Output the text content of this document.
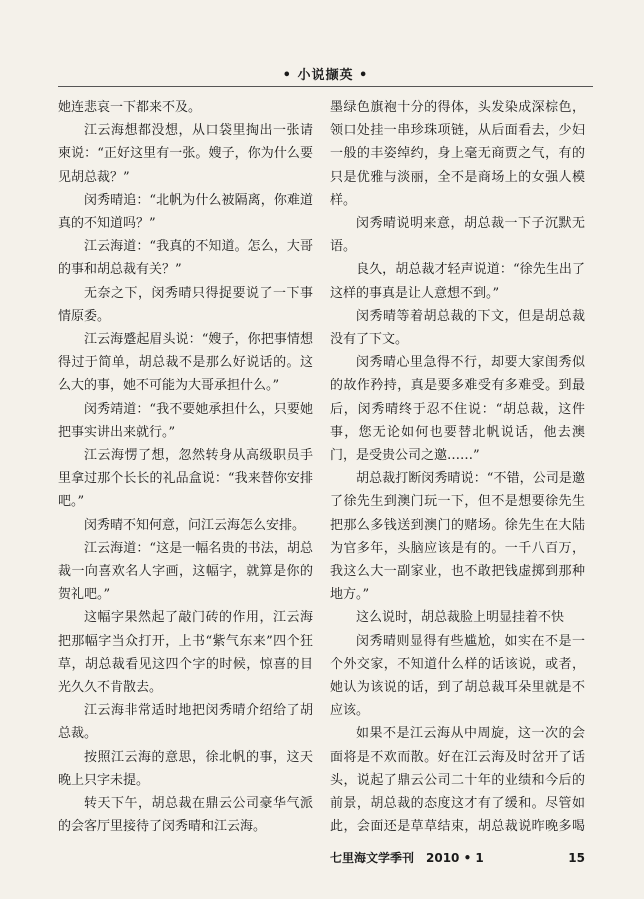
• 小说撷英 •

她连悲哀一下都来不及。

江云海想都没想，从口袋里掏出一张请柬说：“正好这里有一张。嫂子，你为什么要见胡总裁？”

闵秀晴追：“北帆为什么被隔离，你难道真的不知道吗？”

江云海道：“我真的不知道。怎么，大哥的事和胡总裁有关？”

无奈之下，闵秀晴只得捉要说了一下事情原委。

江云海蹙起眉头说：“嫂子，你把事情想得过于简单，胡总裁不是那么好说话的。这么大的事，她不可能为大哥承担什么。”

闵秀靖道：“我不要她承担什么，只要她把事实讲出来就行。”

江云海愣了想，忽然转身从高级职员手里拿过那个长长的礼品盒说：“我来替你安排吧。”

闵秀晴不知何意，问江云海怎么安排。

江云海道：“这是一幅名贵的书法，胡总裁一向喜欢名人字画，这幅字，就算是你的贺礼吧。”

这幅字果然起了敲门砖的作用，江云海把那幅字当众打开，上书“紫气东来”四个狂草，胡总裁看见这四个字的时候，惊喜的目光久久不肯散去。

江云海非常适时地把闵秀晴介绍给了胡总裁。

按照江云海的意思，徐北帆的事，这天晚上只字未提。

转天下午，胡总裁在鼎云公司豪华气派的会客厅里接待了闵秀晴和江云海。

墨绿色旗袍十分的得体，头发染成深棕色，领口处挂一串珍珠项链，从后面看去，少妇一般的丰姿绰约，身上毫无商贾之气，有的只是优雅与淡丽，全不是商场上的女强人模样。

闵秀晴说明来意，胡总裁一下子沉默无语。

良久，胡总裁才轻声说道：“徐先生出了这样的事真是让人意想不到。”

闵秀晴等着胡总裁的下文，但是胡总裁没有了下文。

闵秀晴心里急得不行，却要大家闺秀似的故作矜持，真是要多难受有多难受。到最后，闵秀晴终于忍不住说：“胡总裁，这件事，您无论如何也要替北帆说话，他去澳门，是受贵公司之邀……”

胡总裁打断闵秀晴说：“不错，公司是邀了徐先生到澳门玩一下，但不是想要徐先生把那么多钱送到澳门的赌场。徐先生在大陆为官多年，头脑应该是有的。一千八百万，我这么大一副家业，也不敢把钱虚掷到那种地方。”

这么说时，胡总裁脸上明显挂着不快

闵秀晴则显得有些尴尬，如实在不是一个外交家，不知道什么样的话该说，或者，她认为该说的话，到了胡总裁耳朵里就是不应该。

如果不是江云海从中周旋，这一次的会面将是不欢而散。好在江云海及时岔开了话头，说起了鼎云公司二十年的业绩和今后的前景，胡总裁的态度这才有了缓和。尽管如此，会面还是草草结束，胡总裁说昨晚多喝

七里海文学季刊　2010 • 1	15
